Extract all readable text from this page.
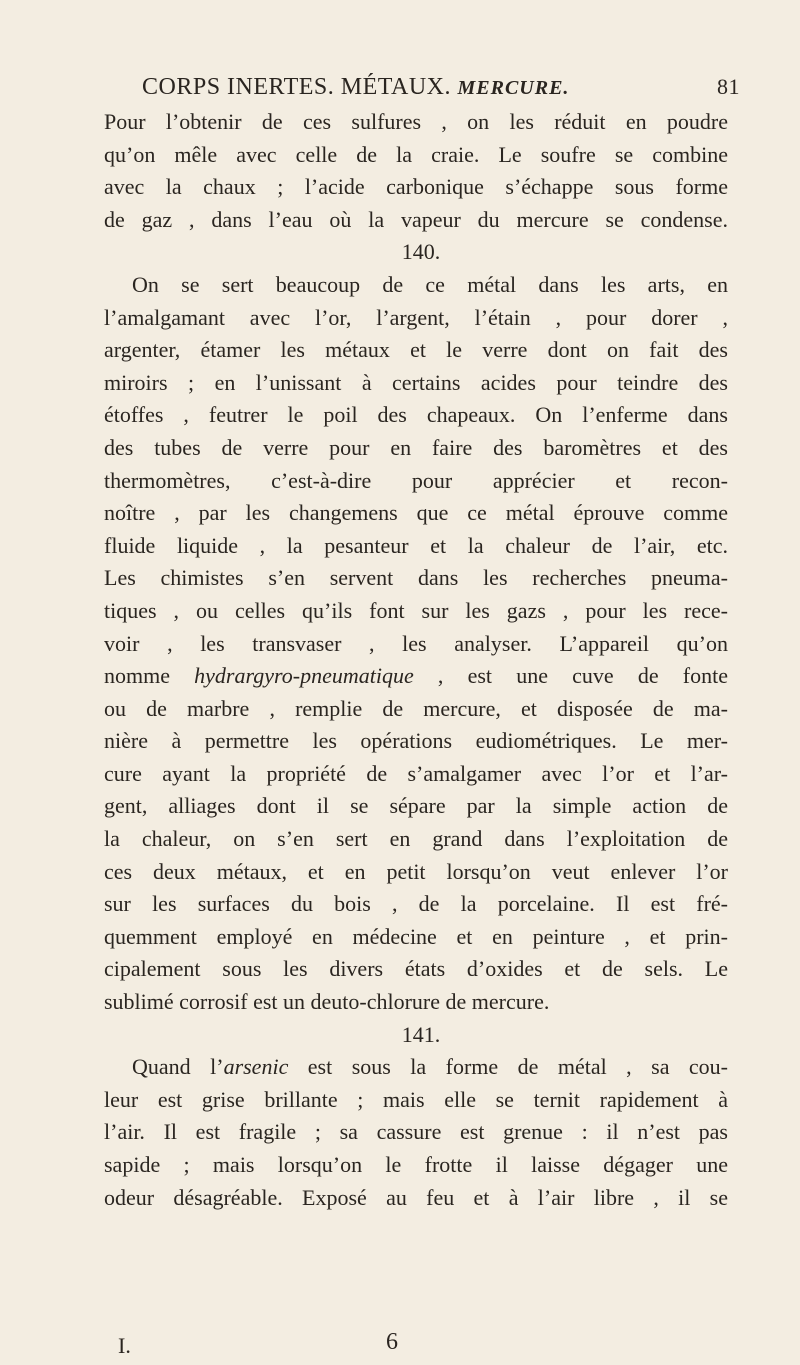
CORPS INERTES. MÉTAUX. MERCURE.	81
Pour l’obtenir de ces sulfures , on les réduit en poudre
qu’on mêle avec celle de la craie. Le soufre se combine
avec la chaux ; l’acide carbonique s’échappe sous forme
de gaz , dans l’eau où la vapeur du mercure se condense.
140.
On se sert beaucoup de ce métal dans les arts, en
l’amalgamant avec l’or, l’argent, l’étain , pour dorer ,
argenter, étamer les métaux et le verre dont on fait des
miroirs ; en l’unissant à certains acides pour teindre des
étoffes , feutrer le poil des chapeaux. On l’enferme dans
des tubes de verre pour en faire des baromètres et des
thermomètres, c’est-à-dire pour apprécier et recon-
noître , par les changemens que ce métal éprouve comme
fluide liquide , la pesanteur et la chaleur de l’air, etc.
Les chimistes s’en servent dans les recherches pneuma-
tiques , ou celles qu’ils font sur les gazs , pour les rece-
voir , les transvaser , les analyser. L’appareil qu’on
nomme hydrargyro-pneumatique , est une cuve de fonte
ou de marbre , remplie de mercure, et disposée de ma-
nière à permettre les opérations eudiométriques. Le mer-
cure ayant la propriété de s’amalgamer avec l’or et l’ar-
gent, alliages dont il se sépare par la simple action de
la chaleur, on s’en sert en grand dans l’exploitation de
ces deux métaux, et en petit lorsqu’on veut enlever l’or
sur les surfaces du bois , de la porcelaine. Il est fré-
quemment employé en médecine et en peinture , et prin-
cipalement sous les divers états d’oxides et de sels. Le
sublimé corrosif est un deuto-chlorure de mercure.
141.
Quand l’arsenic est sous la forme de métal , sa cou-
leur est grise brillante ; mais elle se ternit rapidement à
l’air. Il est fragile ; sa cassure est grenue : il n’est pas
sapide ; mais lorsqu’on le frotte il laisse dégager une
odeur désagréable. Exposé au feu et à l’air libre , il se
I.	6
